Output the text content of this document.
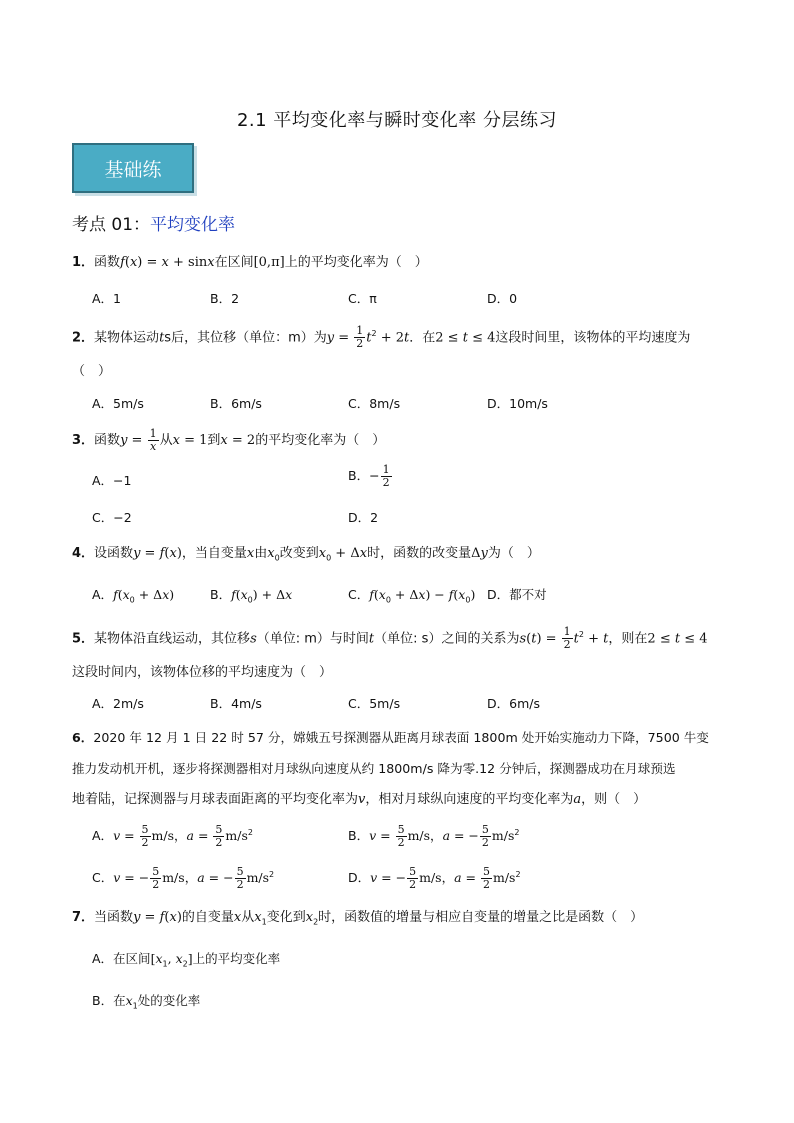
2.1 平均变化率与瞬时变化率 分层练习
基础练
考点 01：平均变化率
1．函数f(x) = x + sinx在区间[0,π]上的平均变化率为（　）
A．1	B．2	C．π	D．0
2．某物体运动ts后，其位移（单位：m）为$y = \frac{1}{2} t^2 + 2t$．在2 ≤ t ≤ 4这段时间里，该物体的平均速度为
（　）
A．5m/s	B．6m/s	C．8m/s	D．10m/s
3．函数$y = \frac{1}{x}$ 从x = 1到x = 2的平均变化率为（　）
A．−1	B．− $\frac{1}{2}$
C．−2	D．2
4．设函数y = f(x)，当自变量x由$x_0$改变到$x_0 + \Delta x$时，函数的改变量Δy为（　）
A．$f(x_0 + \Delta x)$	B．$f(x_0) + \Delta x$	C．$f(x_0 + \Delta x) - f(x_0)$ D．都不对
5．某物体沿直线运动，其位移s（单位: m）与时间t（单位: s）之间的关系为$s(t) = \frac{1}{2} t^2 + t$，则在2 ≤ t ≤ 4
这段时间内，该物体位移的平均速度为（　）
A．2m/s	B．4m/s	C．5m/s	D．6m/s
6．2020 年 12 月 1 日 22 时 57 分，嫦娥五号探测器从距离月球表面 1800m 处开始实施动力下降，7500 牛变
推力发动机开机，逐步将探测器相对月球纵向速度从约 1800m/s 降为零.12 分钟后，探测器成功在月球预选
地着陆，记探测器与月球表面距离的平均变化率为v，相对月球纵向速度的平均变化率为a，则（　）
A．$v = \frac{5}{2} m/s$，$a = \frac{5}{2} m/s^2$	B．$v = \frac{5}{2} m/s$，a = − $\frac{5}{2} m/s^2$
C．v = − $\frac{5}{2} m/s$，a = − $\frac{5}{2} m/s^2$	D．v = − $\frac{5}{2} m/s$，$a = \frac{5}{2} m/s^2$
7．当函数y = f(x)的自变量x从$x_1$变化到$x_2$时，函数值的增量与相应自变量的增量之比是函数（　）
A．在区间[$x_1$, $x_2$]上的平均变化率
B．在$x_1$处的变化率
